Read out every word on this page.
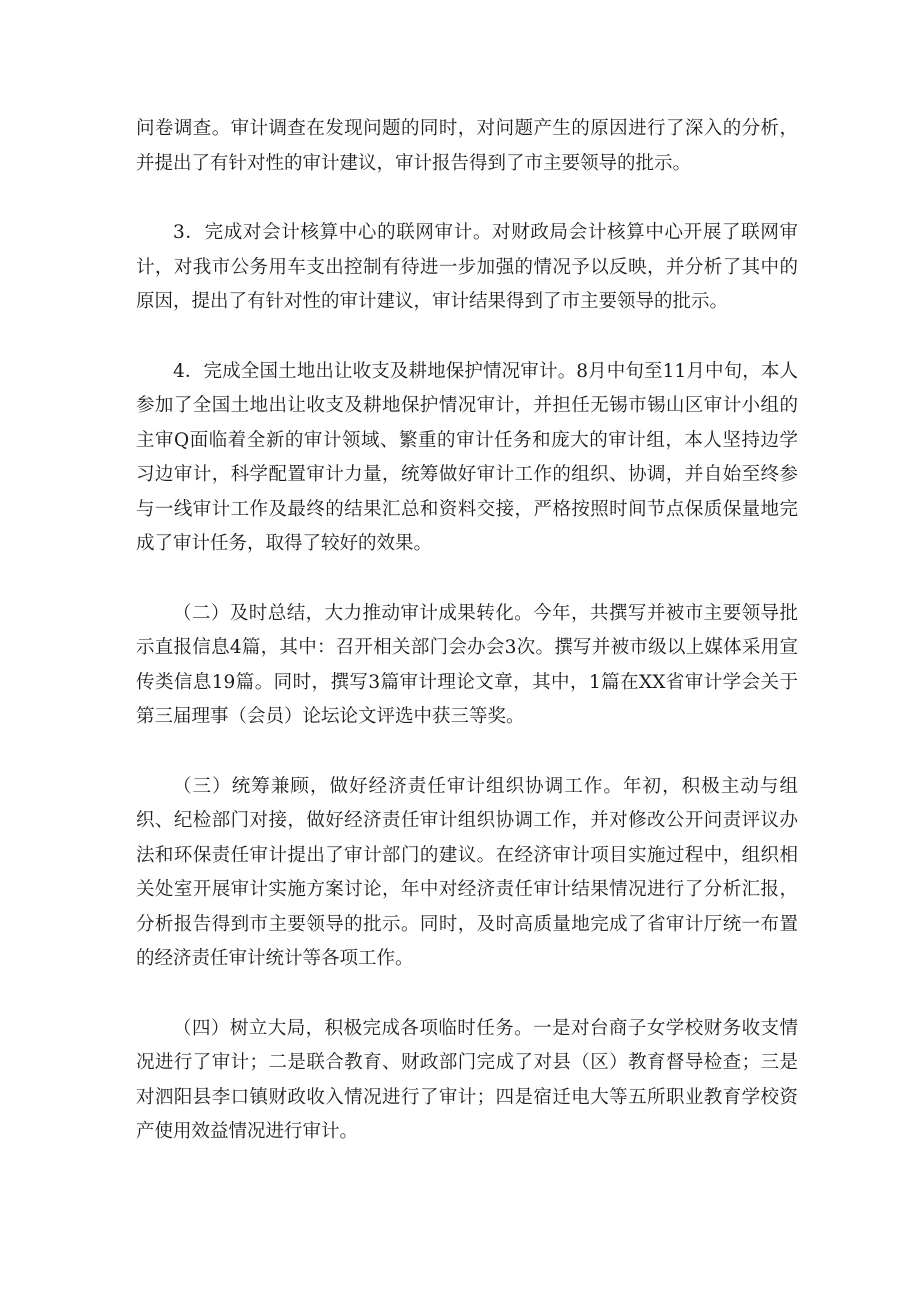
问卷调查。审计调查在发现问题的同时，对问题产生的原因进行了深入的分析，并提出了有针对性的审计建议，审计报告得到了市主要领导的批示。

3．完成对会计核算中心的联网审计。对财政局会计核算中心开展了联网审计，对我市公务用车支出控制有待进一步加强的情况予以反映，并分析了其中的原因，提出了有针对性的审计建议，审计结果得到了市主要领导的批示。

4．完成全国土地出让收支及耕地保护情况审计。8月中旬至11月中旬，本人参加了全国土地出让收支及耕地保护情况审计，并担任无锡市锡山区审计小组的主审Q面临着全新的审计领域、繁重的审计任务和庞大的审计组，本人坚持边学习边审计，科学配置审计力量，统筹做好审计工作的组织、协调，并自始至终参与一线审计工作及最终的结果汇总和资料交接，严格按照时间节点保质保量地完成了审计任务，取得了较好的效果。

（二）及时总结，大力推动审计成果转化。今年，共撰写并被市主要领导批示直报信息4篇，其中：召开相关部门会办会3次。撰写并被市级以上媒体采用宣传类信息19篇。同时，撰写3篇审计理论文章，其中，1篇在XX省审计学会关于第三届理事（会员）论坛论文评选中获三等奖。

（三）统筹兼顾，做好经济责任审计组织协调工作。年初，积极主动与组织、纪检部门对接，做好经济责任审计组织协调工作，并对修改公开问责评议办法和环保责任审计提出了审计部门的建议。在经济审计项目实施过程中，组织相关处室开展审计实施方案讨论，年中对经济责任审计结果情况进行了分析汇报，分析报告得到市主要领导的批示。同时，及时高质量地完成了省审计厅统一布置的经济责任审计统计等各项工作。

（四）树立大局，积极完成各项临时任务。一是对台商子女学校财务收支情况进行了审计；二是联合教育、财政部门完成了对县（区）教育督导检查；三是对泗阳县李口镇财政收入情况进行了审计；四是宿迁电大等五所职业教育学校资产使用效益情况进行审计。
